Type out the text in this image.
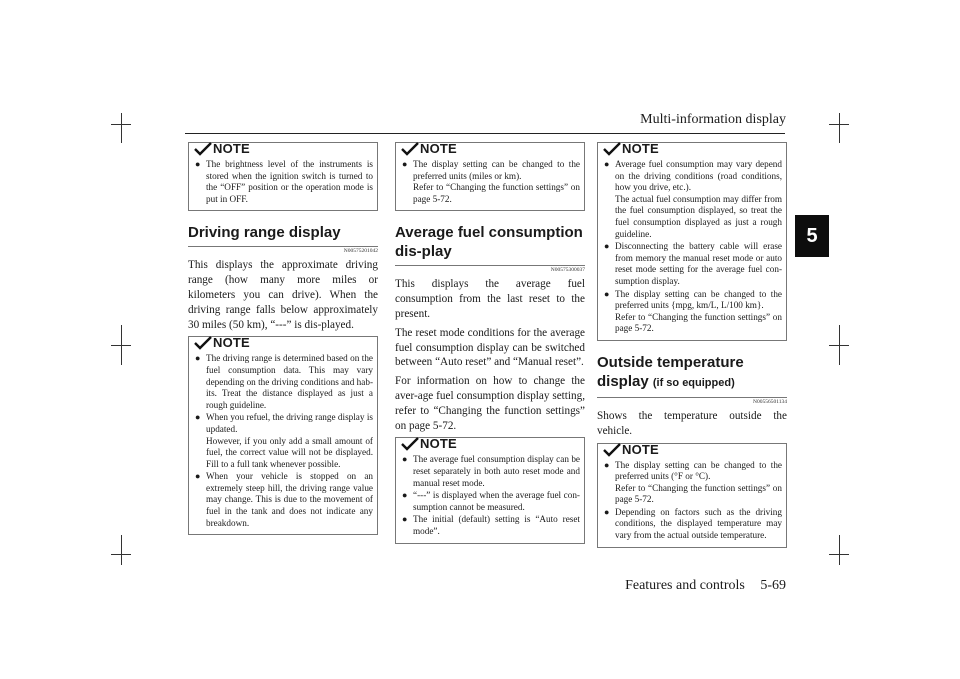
Multi-information display
5
Features and controls 5-69
NOTE
● The brightness level of the instruments is stored when the ignition switch is turned to the “OFF” position or the operation mode is put in OFF.

Driving range display
N00575201042

This displays the approximate driving range (how many more miles or kilometers you can drive). When the driving range falls below approximately 30 miles (50 km), “---” is dis-played.

NOTE
● The driving range is determined based on the fuel consumption data. This may vary depending on the driving conditions and hab-its. Treat the distance displayed as just a rough guideline.

● When you refuel, the driving range display is updated.
However, if you only add a small amount of fuel, the correct value will not be displayed. Fill to a full tank whenever possible.

● When your vehicle is stopped on an extremely steep hill, the driving range value may change. This is due to the movement of fuel in the tank and does not indicate any breakdown.

NOTE
● The display setting can be changed to the preferred units (miles or km).
Refer to “Changing the function settings” on page 5-72.

Average fuel consumption dis-play
N00575300037

This displays the average fuel consumption from the last reset to the present.

The reset mode conditions for the average fuel consumption display can be switched between “Auto reset” and “Manual reset”.

For information on how to change the aver-age fuel consumption display setting, refer to “Changing the function settings” on page 5-72.

NOTE
● The average fuel consumption display can be reset separately in both auto reset mode and manual reset mode.

● “---” is displayed when the average fuel con-sumption cannot be measured.

● The initial (default) setting is “Auto reset mode”.

NOTE
● Average fuel consumption may vary depend on the driving conditions (road conditions, how you drive, etc.).
The actual fuel consumption may differ from the fuel consumption displayed, so treat the fuel consumption displayed as just a rough guideline.

● Disconnecting the battery cable will erase from memory the manual reset mode or auto reset mode setting for the average fuel con-sumption display.

● The display setting can be changed to the preferred units {mpg, km/L, L/100 km}.
Refer to “Changing the function settings” on page 5-72.

Outside temperature display (if so equipped)
N00556501134

Shows the temperature outside the vehicle.

NOTE
● The display setting can be changed to the preferred units (°F or °C).
Refer to “Changing the function settings” on page 5-72.

● Depending on factors such as the driving conditions, the displayed temperature may vary from the actual outside temperature.
